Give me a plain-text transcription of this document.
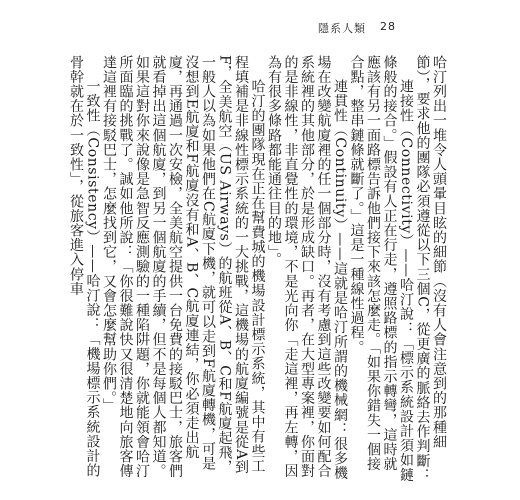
隱系人類 28

哈汀列出一堆令人頭暈目眩的細節（沒有人會注意到的那種細節），要求他的團隊必須遵從以下三個C，從更廣的脈絡去作判斷：

連接性（Connectivity）——哈汀說：「標示系統設計須如鏈條般的接合。」假設有人正在行走，遵照路標的指示轉彎，這時就應該有另一面路標告訴他們接下來該怎麼走。「如果你錯失一個接合點，整串鏈條就斷了。」這是一種線性過程。

連貫性（Continuity）——這就是哈汀所謂的機械網：很多機場在改變航廈裡的任一個部分時，沒有考慮到這些改變要如何配合系統裡的其他部分，於是形成缺口。再者，在大型專案裡，你面對的是非線性，非直覺性的環境，不是光向你「走這裡，再左轉，因為有很多條路都能通往目的地」。

哈汀的團隊現在正在幫費城的機場設計標示系統，其中有些工程填補是非線性標示系統的一大挑戰，這機場的航廈編號是從A到F，全美航空（US Airways）的航班從A、B、C和F航廈起飛，一般人以為如果他們在C航廈下機，就可以走到F航廈轉機，可是沒想到E航廈和F航廈沒有和A、B、C航廈連結，你必須走出航廈，再通過一次安檢，全美航空提供一台免費的接駁巴士，旅客們就看掉出這個航廈，到另一個航廈的手續，但不是每個人都知道。如果這對你來說像是急智反應測驗的一種陷阱題，你就能領會哈汀所面臨的挑戰了。誠如他所說：「你很難說快又很清楚地向旅客傳達這裡有接駁巴士，怎麼找到它，又會怎麼幫助你們。」

一致性（Consistency）——哈汀說：「機場標示系統設計的骨幹就在於一致性」，從旅客進入停車
